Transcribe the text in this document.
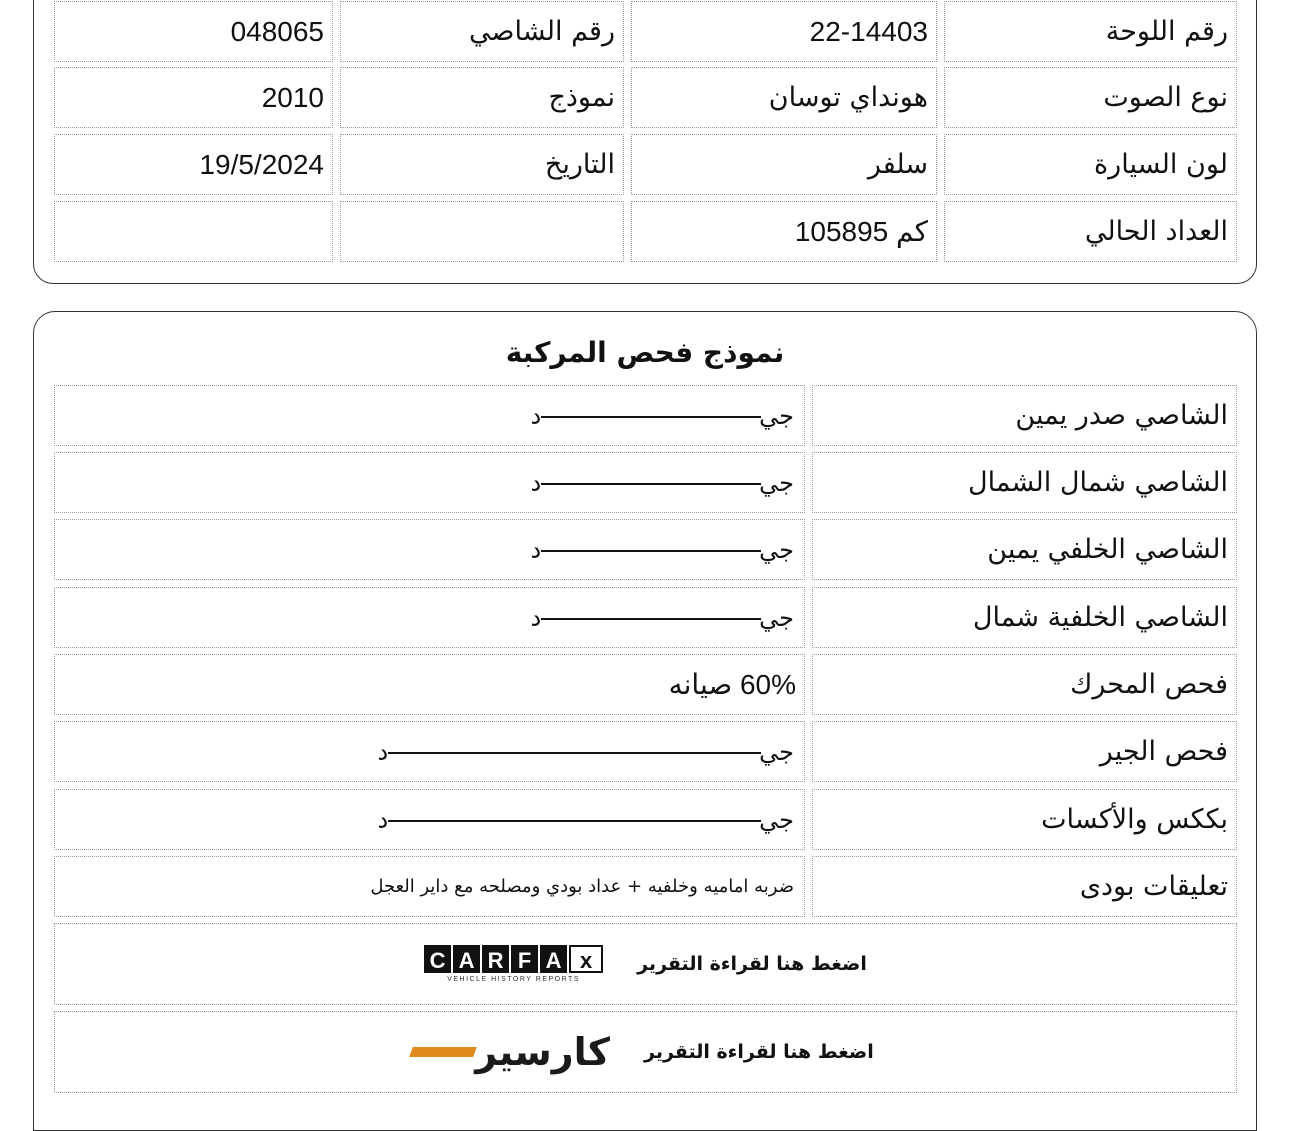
رقم اللوحة
22-14403
رقم الشاصي
048065
نوع الصوت
هونداي توسان
نموذج
2010
لون السيارة
سلفر
التاريخ
19/5/2024
العداد الحالي
كم 105895
نموذج فحص المركبة
الشاصي صدر يمين
جيد
الشاصي شمال الشمال
جيد
الشاصي الخلفي يمين
جيد
الشاصي الخلفية شمال
جيد
فحص المحرك
60% صيانه
فحص الجير
جيد
بككس والأكسات
جيد
تعليقات بودى
ضربه اماميه وخلفيه + عداد بودي ومصلحه مع داير العجل
اضغط هنا لقراءة التقرير
C A R F A x
VEHICLE HISTORY REPORTS
اضغط هنا لقراءة التقرير
كارسير
